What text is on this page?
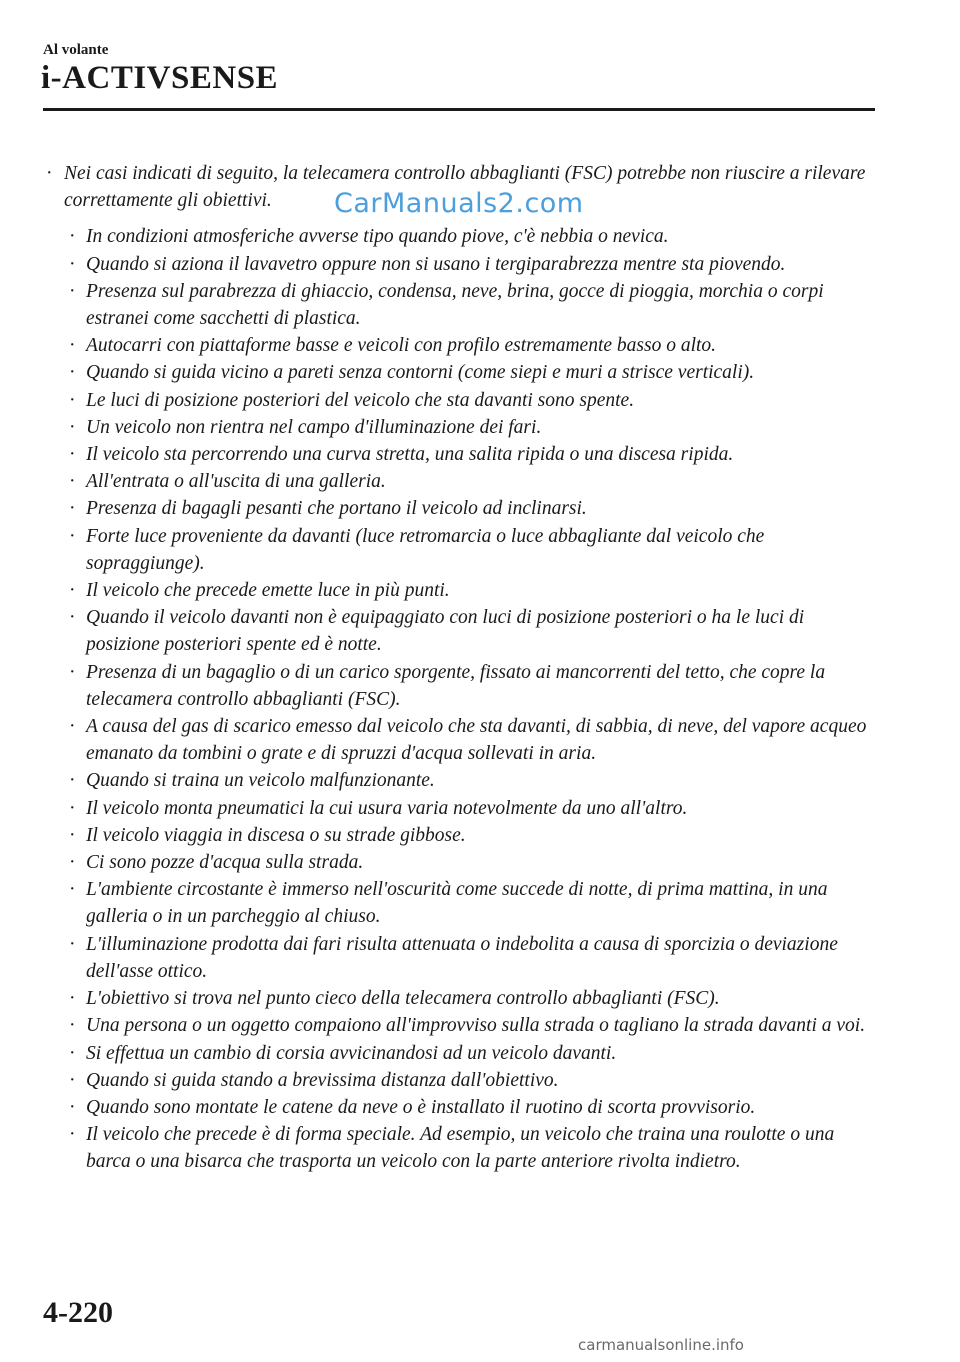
Al volante
i-ACTIVSENSE

· Nei casi indicati di seguito, la telecamera controllo abbaglianti (FSC) potrebbe non riuscire a rilevare correttamente gli obiettivi.

· In condizioni atmosferiche avverse tipo quando piove, c'è nebbia o nevica.

· Quando si aziona il lavavetro oppure non si usano i tergiparabrezza mentre sta piovendo.

· Presenza sul parabrezza di ghiaccio, condensa, neve, brina, gocce di pioggia, morchia o corpi estranei come sacchetti di plastica.

· Autocarri con piattaforme basse e veicoli con profilo estremamente basso o alto.

· Quando si guida vicino a pareti senza contorni (come siepi e muri a strisce verticali).

· Le luci di posizione posteriori del veicolo che sta davanti sono spente.

· Un veicolo non rientra nel campo d'illuminazione dei fari.

· Il veicolo sta percorrendo una curva stretta, una salita ripida o una discesa ripida.

· All'entrata o all'uscita di una galleria.

· Presenza di bagagli pesanti che portano il veicolo ad inclinarsi.

· Forte luce proveniente da davanti (luce retromarcia o luce abbagliante dal veicolo che sopraggiunge).

· Il veicolo che precede emette luce in più punti.

· Quando il veicolo davanti non è equipaggiato con luci di posizione posteriori o ha le luci di posizione posteriori spente ed è notte.

· Presenza di un bagaglio o di un carico sporgente, fissato ai mancorrenti del tetto, che copre la telecamera controllo abbaglianti (FSC).

· A causa del gas di scarico emesso dal veicolo che sta davanti, di sabbia, di neve, del vapore acqueo emanato da tombini o grate e di spruzzi d'acqua sollevati in aria.

· Quando si traina un veicolo malfunzionante.

· Il veicolo monta pneumatici la cui usura varia notevolmente da uno all'altro.

· Il veicolo viaggia in discesa o su strade gibbose.

· Ci sono pozze d'acqua sulla strada.

· L'ambiente circostante è immerso nell'oscurità come succede di notte, di prima mattina, in una galleria o in un parcheggio al chiuso.

· L'illuminazione prodotta dai fari risulta attenuata o indebolita a causa di sporcizia o deviazione dell'asse ottico.

· L'obiettivo si trova nel punto cieco della telecamera controllo abbaglianti (FSC).

· Una persona o un oggetto compaiono all'improvviso sulla strada o tagliano la strada davanti a voi.

· Si effettua un cambio di corsia avvicinandosi ad un veicolo davanti.

· Quando si guida stando a brevissima distanza dall'obiettivo.

· Quando sono montate le catene da neve o è installato il ruotino di scorta provvisorio.

· Il veicolo che precede è di forma speciale. Ad esempio, un veicolo che traina una roulotte o una barca o una bisarca che trasporta un veicolo con la parte anteriore rivolta indietro.

CarManuals2.com
4-220
carmanualsonline.info
